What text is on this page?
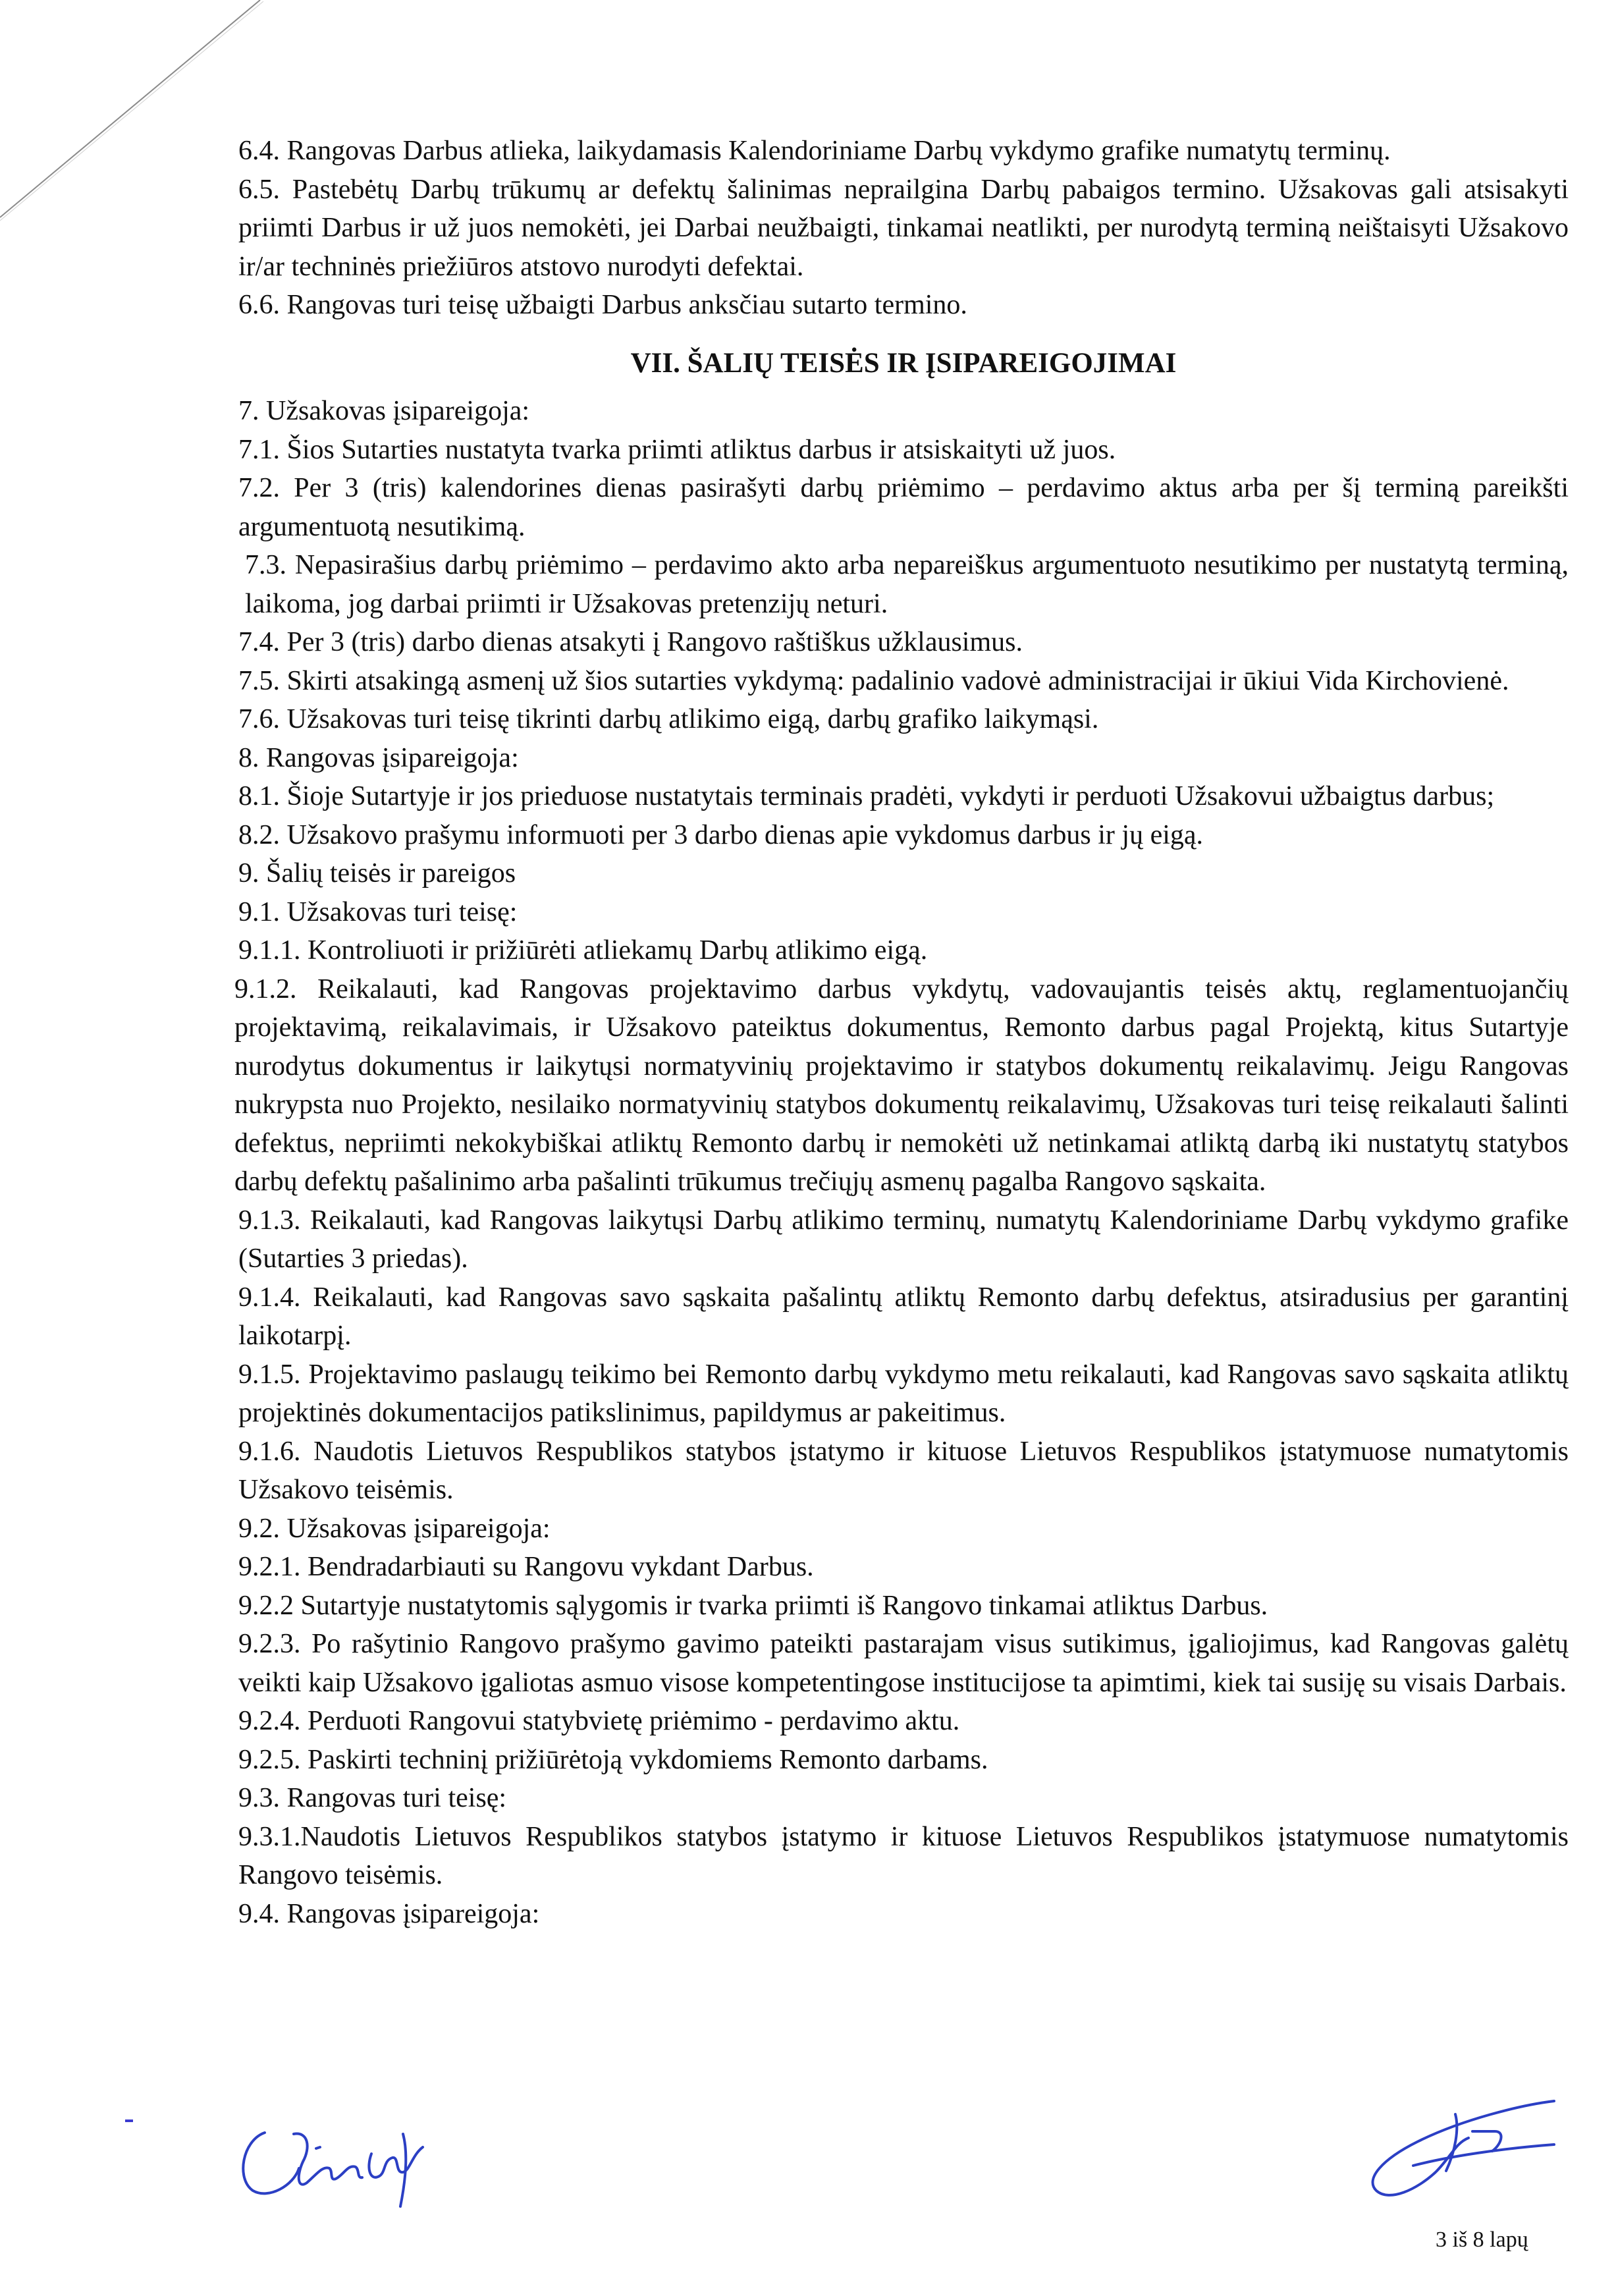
6.4. Rangovas Darbus atlieka, laikydamasis Kalendoriniame Darbų vykdymo grafike numatytų terminų.

6.5. Pastebėtų Darbų trūkumų ar defektų šalinimas neprailgina Darbų pabaigos termino. Užsakovas gali atsisakyti priimti Darbus ir už juos nemokėti, jei Darbai neužbaigti, tinkamai neatlikti, per nurodytą terminą neištaisyti Užsakovo ir/ar techninės priežiūros atstovo nurodyti defektai.

6.6. Rangovas turi teisę užbaigti Darbus anksčiau sutarto termino.

VII. ŠALIŲ TEISĖS IR ĮSIPAREIGOJIMAI

7. Užsakovas įsipareigoja:

7.1. Šios Sutarties nustatyta tvarka priimti atliktus darbus ir atsiskaityti už juos.

7.2. Per 3 (tris) kalendorines dienas pasirašyti darbų priėmimo – perdavimo aktus arba per šį terminą pareikšti argumentuotą nesutikimą.

7.3. Nepasirašius darbų priėmimo – perdavimo akto arba nepareiškus argumentuoto nesutikimo per nustatytą terminą, laikoma, jog darbai priimti ir Užsakovas pretenzijų neturi.

7.4. Per 3 (tris) darbo dienas atsakyti į Rangovo raštiškus užklausimus.

7.5. Skirti atsakingą asmenį už šios sutarties vykdymą: padalinio vadovė administracijai ir ūkiui Vida Kirchovienė.

7.6. Užsakovas turi teisę tikrinti darbų atlikimo eigą, darbų grafiko laikymąsi.

8. Rangovas įsipareigoja:

8.1. Šioje Sutartyje ir jos prieduose nustatytais terminais pradėti, vykdyti ir perduoti Užsakovui užbaigtus darbus;

8.2. Užsakovo prašymu informuoti per 3 darbo dienas apie vykdomus darbus ir jų eigą.

9. Šalių teisės ir pareigos

9.1. Užsakovas turi teisę:

9.1.1. Kontroliuoti ir prižiūrėti atliekamų Darbų atlikimo eigą.

9.1.2. Reikalauti, kad Rangovas projektavimo darbus vykdytų, vadovaujantis teisės aktų, reglamentuojančių projektavimą, reikalavimais, ir Užsakovo pateiktus dokumentus, Remonto darbus pagal Projektą, kitus Sutartyje nurodytus dokumentus ir laikytųsi normatyvinių projektavimo ir statybos dokumentų reikalavimų. Jeigu Rangovas nukrypsta nuo Projekto, nesilaiko normatyvinių statybos dokumentų reikalavimų, Užsakovas turi teisę reikalauti šalinti defektus, nepriimti nekokybiškai atliktų Remonto darbų ir nemokėti už netinkamai atliktą darbą iki nustatytų statybos darbų defektų pašalinimo arba pašalinti trūkumus trečiųjų asmenų pagalba Rangovo sąskaita.

9.1.3. Reikalauti, kad Rangovas laikytųsi Darbų atlikimo terminų, numatytų Kalendoriniame Darbų vykdymo grafike (Sutarties 3 priedas).

9.1.4. Reikalauti, kad Rangovas savo sąskaita pašalintų atliktų Remonto darbų defektus, atsiradusius per garantinį laikotarpį.

9.1.5. Projektavimo paslaugų teikimo bei Remonto darbų vykdymo metu reikalauti, kad Rangovas savo sąskaita atliktų projektinės dokumentacijos patikslinimus, papildymus ar pakeitimus.

9.1.6. Naudotis Lietuvos Respublikos statybos įstatymo ir kituose Lietuvos Respublikos įstatymuose numatytomis Užsakovo teisėmis.

9.2. Užsakovas įsipareigoja:

9.2.1. Bendradarbiauti su Rangovu vykdant Darbus.

9.2.2 Sutartyje nustatytomis sąlygomis ir tvarka priimti iš Rangovo tinkamai atliktus Darbus.

9.2.3. Po rašytinio Rangovo prašymo gavimo pateikti pastarajam visus sutikimus, įgaliojimus, kad Rangovas galėtų veikti kaip Užsakovo įgaliotas asmuo visose kompetentingose institucijose ta apimtimi, kiek tai susiję su visais Darbais.

9.2.4. Perduoti Rangovui statybvietę priėmimo - perdavimo aktu.

9.2.5. Paskirti techninį prižiūrėtoją vykdomiems Remonto darbams.

9.3. Rangovas turi teisę:

9.3.1.Naudotis Lietuvos Respublikos statybos įstatymo ir kituose Lietuvos Respublikos įstatymuose numatytomis Rangovo teisėmis.

9.4. Rangovas įsipareigoja:

3 iš 8 lapų
